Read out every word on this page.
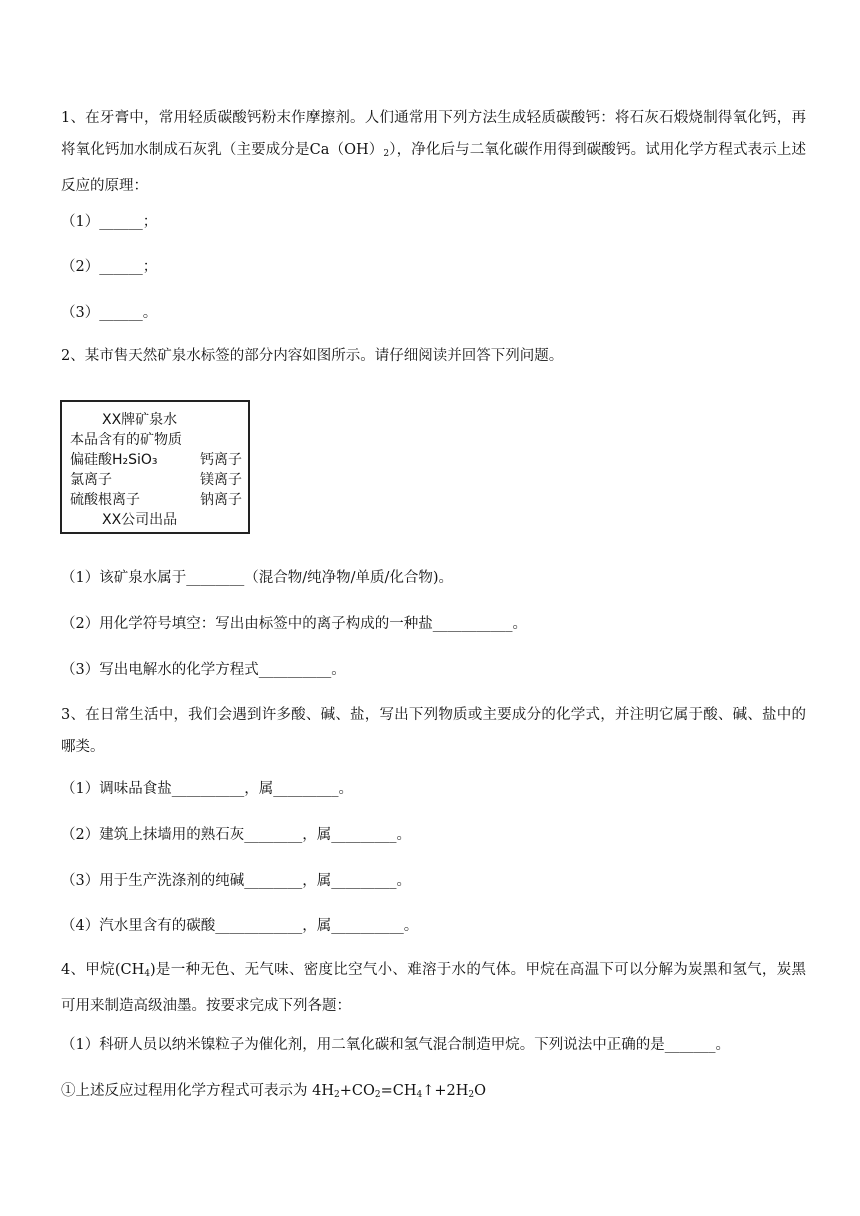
1、在牙膏中，常用轻质碳酸钙粉末作摩擦剂。人们通常用下列方法生成轻质碳酸钙：将石灰石煅烧制得氧化钙，再将氧化钙加水制成石灰乳（主要成分是$Ca(OH)_2$），净化后与二氧化碳作用得到碳酸钙。试用化学方程式表示上述反应的原理：
（1）______；
（2）______；
（3）______。
2、某市售天然矿泉水标签的部分内容如图所示。请仔细阅读并回答下列问题。
XX牌矿泉水
本品含有的矿物质
偏硅酸H₂SiO₃	钙离子
氯离子	镁离子
硫酸根离子	钠离子
XX公司出品
（1）该矿泉水属于________（混合物/纯净物/单质/化合物)。
（2）用化学符号填空：写出由标签中的离子构成的一种盐___________。
（3）写出电解水的化学方程式__________。
3、在日常生活中，我们会遇到许多酸、碱、盐，写出下列物质或主要成分的化学式，并注明它属于酸、碱、盐中的哪类。
（1）调味品食盐__________，属_________。
（2）建筑上抹墙用的熟石灰________，属_________。
（3）用于生产洗涤剂的纯碱________，属_________。
（4）汽水里含有的碳酸____________，属__________。
4、甲烷$(CH_4)$是一种无色、无气味、密度比空气小、难溶于水的气体。甲烷在高温下可以分解为炭黑和氢气，炭黑可用来制造高级油墨。按要求完成下列各题：
（1）科研人员以纳米镍粒子为催化剂，用二氧化碳和氢气混合制造甲烷。下列说法中正确的是_______。
①上述反应过程用化学方程式可表示为 $4H_2+CO_2=CH_4↑+2H_2O$
